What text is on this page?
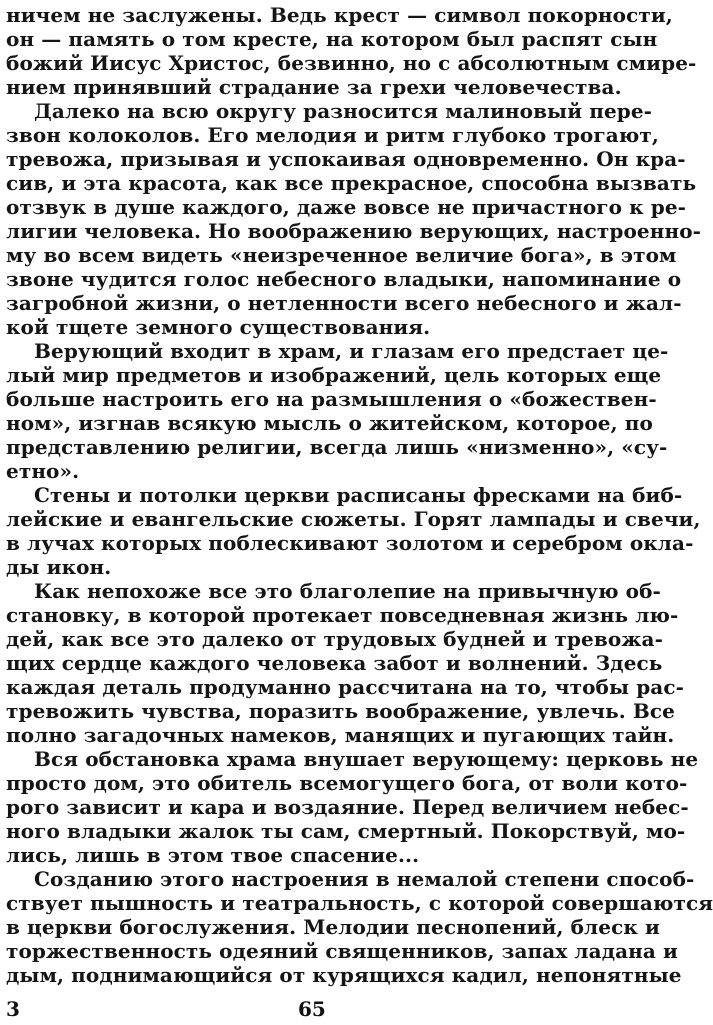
ничем не заслужены. Ведь крест — символ покорности,
он — память о том кресте, на котором был распят сын
божий Иисус Христос, безвинно, но с абсолютным смире-
нием принявший страдание за грехи человечества.
Далеко на всю округу разносится малиновый пере-
звон колоколов. Его мелодия и ритм глубоко трогают,
тревожа, призывая и успокаивая одновременно. Он кра-
сив, и эта красота, как все прекрасное, способна вызвать
отзвук в душе каждого, даже вовсе не причастного к ре-
лигии человека. Но воображению верующих, настроенно-
му во всем видеть «неизреченное величие бога», в этом
звоне чудится голос небесного владыки, напоминание о
загробной жизни, о нетленности всего небесного и жал-
кой тщете земного существования.
Верующий входит в храм, и глазам его предстает це-
лый мир предметов и изображений, цель которых еще
больше настроить его на размышления о «божествен-
ном», изгнав всякую мысль о житейском, которое, по
представлению религии, всегда лишь «низменно», «су-
етно».
Стены и потолки церкви расписаны фресками на биб-
лейские и евангельские сюжеты. Горят лампады и свечи,
в лучах которых поблескивают золотом и серебром окла-
ды икон.
Как непохоже все это благолепие на привычную об-
становку, в которой протекает повседневная жизнь лю-
дей, как все это далеко от трудовых будней и тревожа-
щих сердце каждого человека забот и волнений. Здесь
каждая деталь продуманно рассчитана на то, чтобы рас-
тревожить чувства, поразить воображение, увлечь. Все
полно загадочных намеков, манящих и пугающих тайн.
Вся обстановка храма внушает верующему: церковь не
просто дом, это обитель всемогущего бога, от воли кото-
рого зависит и кара и воздаяние. Перед величием небес-
ного владыки жалок ты сам, смертный. Покорствуй, мо-
лись, лишь в этом твое спасение...
Созданию этого настроения в немалой степени способ-
ствует пышность и театральность, с которой совершаются
в церкви богослужения. Мелодии песнопений, блеск и
торжественность одеяний священников, запах ладана и
дым, поднимающийся от курящихся кадил, непонятные
3	65
